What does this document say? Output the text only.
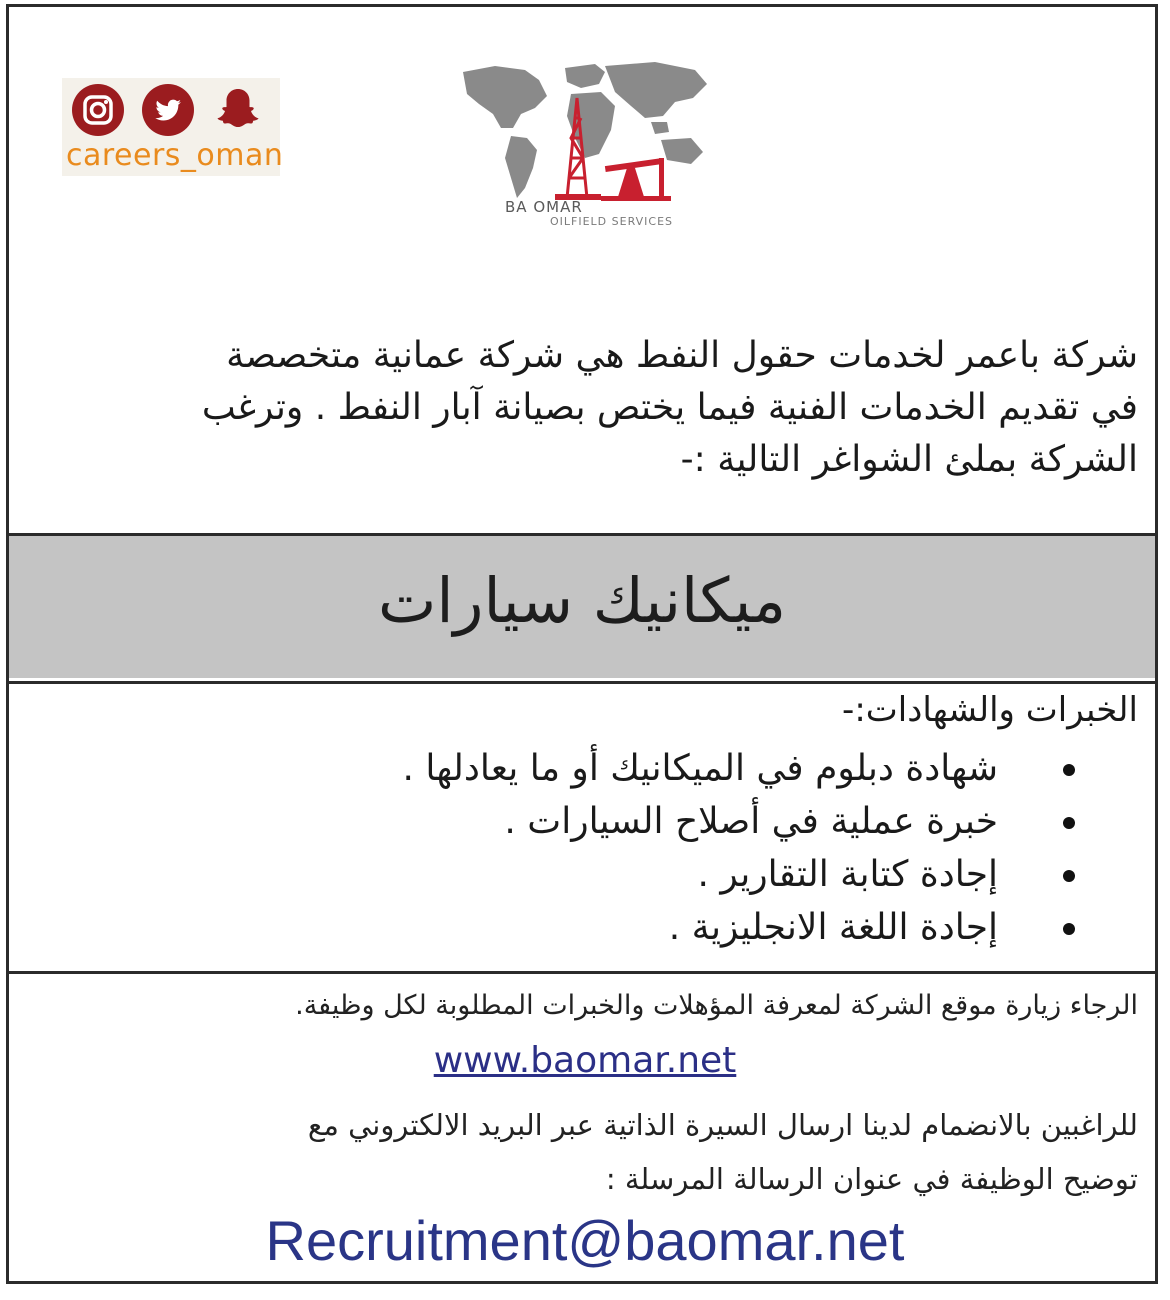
careers_oman
BA OMAR
OILFIELD SERVICES
شركة باعمر لخدمات حقول النفط هي شركة عمانية متخصصة
في تقديم الخدمات الفنية فيما يختص بصيانة آبار النفط . وترغب
الشركة بملئ الشواغر التالية :-
ميكانيك سيارات
الخبرات والشهادات:-
شهادة دبلوم في الميكانيك أو ما يعادلها .
خبرة عملية في أصلاح السيارات .
إجادة كتابة التقارير .
إجادة اللغة الانجليزية .
الرجاء زيارة موقع الشركة لمعرفة المؤهلات والخبرات المطلوبة لكل وظيفة.
www.baomar.net
للراغبين بالانضمام لدينا ارسال السيرة الذاتية عبر البريد الالكتروني مع
توضيح الوظيفة في عنوان الرسالة المرسلة :
Recruitment@baomar.net
